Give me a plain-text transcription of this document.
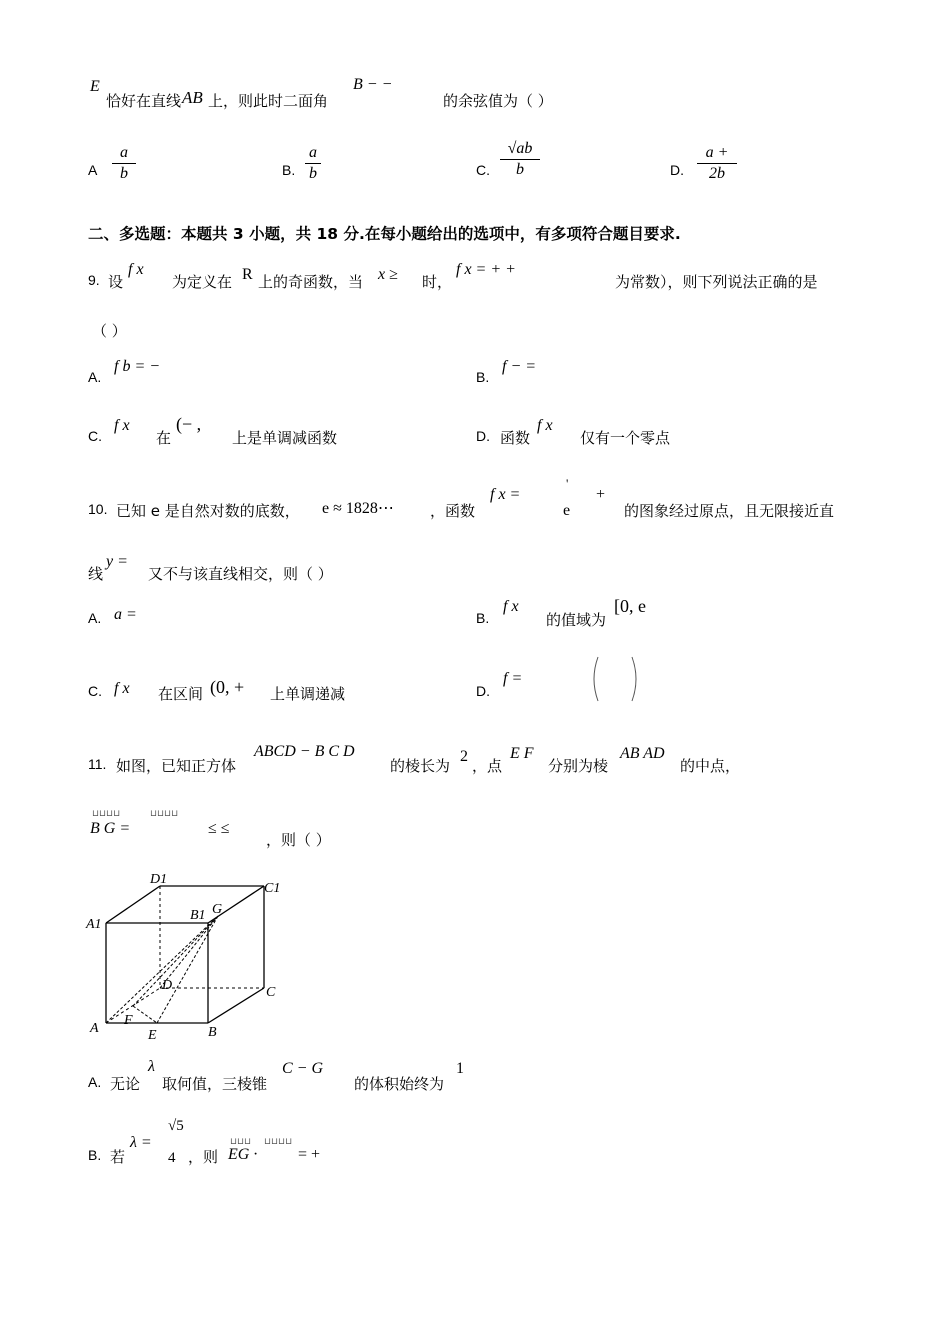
E
恰好在直线 AB 上，则此时二面角
B − −
的余弦值为（ ）
A
a
b	B.
a
b	C.
√ab
b	D.
a +
2b
二、多选题：本题共 3 小题，共 18 分.在每小题给出的选项中，有多项符合题目要求.
9. 设
f x
为定义在 R 上的奇函数，当 x ≥ 时，
f x = + +
为常数），则下列说法正确的是
（ ）
A.
f b = −
B.
f − =
C.
f x
在
(− ,
上是单调减函数	D. 函数
f x
仅有一个零点
10. 已知 e 是自然对数的底数， e ≈ 1828⋯ ，函数
f x =
'
e
+
的图象经过原点，且无限接近直
线
y =
又不与该直线相交，则（ ）
A. a =	B.
f x
的值域为
[0, e
C. f x 在区间 (0, + 上单调递减	D.
f =
11. 如图，已知正方体
ABCD − B C D
的棱长为
2
，点
E F
分别为棱
AB AD
的中点，
⊔⊔⊔⊔
B G =
⊔⊔⊔⊔
≤ ≤
，则（ ）
D1
C1
A1
B1 G
D	C
A
F
E	B
A. 无论
λ
取何值，三棱锥
C − G
的体积始终为
1
B. 若
λ =
√5
4 ，则
⊔⊔⊔
EG ·
⊔⊔⊔⊔
= +
